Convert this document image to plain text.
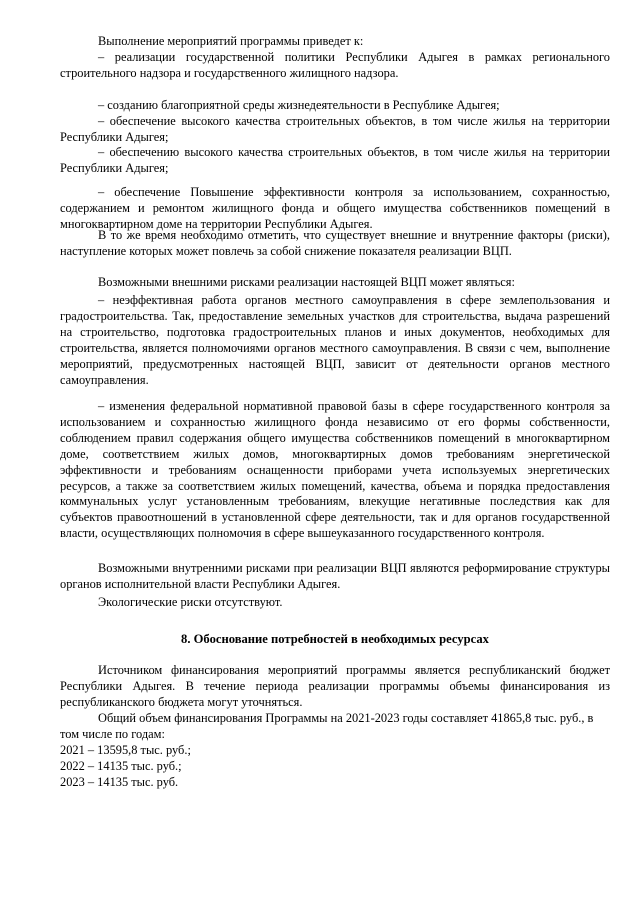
Выполнение мероприятий программы приведет к:

– реализации государственной политики Республики Адыгея в рамках регионального строительного надзора и государственного жилищного надзора.

– созданию благоприятной среды жизнедеятельности в Республике Адыгея;

– обеспечение высокого качества строительных объектов, в том числе жилья на территории Республики Адыгея;

– обеспечению высокого качества строительных объектов, в том числе жилья на территории Республики Адыгея;

– обеспечение Повышение эффективности контроля за использованием, сохранностью, содержанием и ремонтом жилищного фонда и общего имущества собственников помещений в многоквартирном доме на территории Республики Адыгея.

В то же время необходимо отметить, что существует внешние и внутренние факторы (риски), наступление которых может повлечь за собой снижение показателя реализации ВЦП.

Возможными внешними рисками реализации настоящей ВЦП может являться:

– неэффективная работа органов местного самоуправления в сфере землепользования и градостроительства. Так, предоставление земельных участков для строительства, выдача разрешений на строительство, подготовка градостроительных планов и иных документов, необходимых для строительства, является полномочиями органов местного самоуправления. В связи с чем, выполнение мероприятий, предусмотренных настоящей ВЦП, зависит от деятельности органов местного самоуправления.

– изменения федеральной нормативной правовой базы в сфере государственного контроля за использованием и сохранностью жилищного фонда независимо от его формы собственности, соблюдением правил содержания общего имущества собственников помещений в многоквартирном доме, соответствием жилых домов, многоквартирных домов требованиям энергетической эффективности и требованиям оснащенности приборами учета используемых энергетических ресурсов, а также за соответствием жилых помещений, качества, объема и порядка предоставления коммунальных услуг установленным требованиям, влекущие негативные последствия как для субъектов правоотношений в установленной сфере деятельности, так и для органов государственной власти, осуществляющих полномочия в сфере вышеуказанного государственного контроля.

Возможными внутренними рисками при реализации ВЦП являются реформирование структуры органов исполнительной власти Республики Адыгея.

Экологические риски отсутствуют.

8. Обоснование потребностей в необходимых ресурсах

Источником финансирования мероприятий программы является республиканский бюджет Республики Адыгея. В течение периода реализации программы объемы финансирования из республиканского бюджета могут уточняться.

Общий объем финансирования Программы на 2021-2023 годы составляет 41865,8 тыс. руб., в том числе по годам:

2021 – 13595,8 тыс. руб.;

2022 – 14135 тыс. руб.;

2023 – 14135 тыс. руб.
